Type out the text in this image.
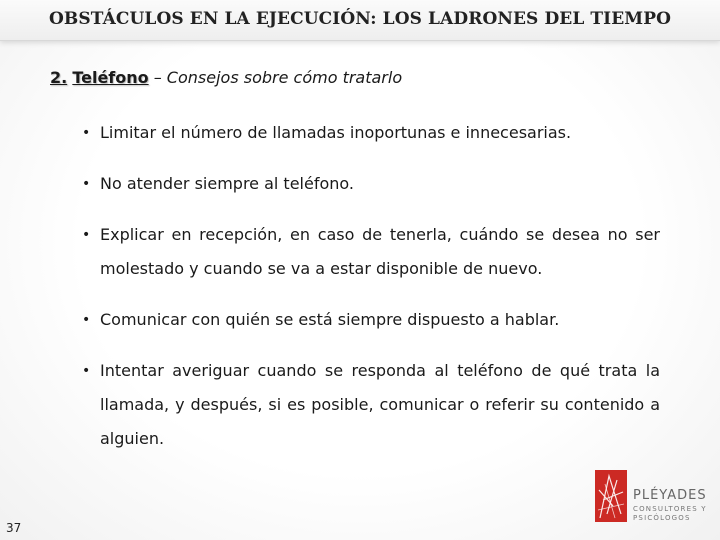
OBSTÁCULOS EN LA EJECUCIÓN: LOS LADRONES DEL TIEMPO
2. Teléfono – Consejos sobre cómo tratarlo
• Limitar el número de llamadas inoportunas e innecesarias.
• No atender siempre al teléfono.
• Explicar en recepción, en caso de tenerla, cuándo se desea no ser molestado y cuando se va a estar disponible de nuevo.
• Comunicar con quién se está siempre dispuesto a hablar.
• Intentar averiguar cuando se responda al teléfono de qué trata la llamada, y después, si es posible, comunicar o referir su contenido a alguien.
37
PLÉYADES
CONSULTORES Y PSICÓLOGOS
